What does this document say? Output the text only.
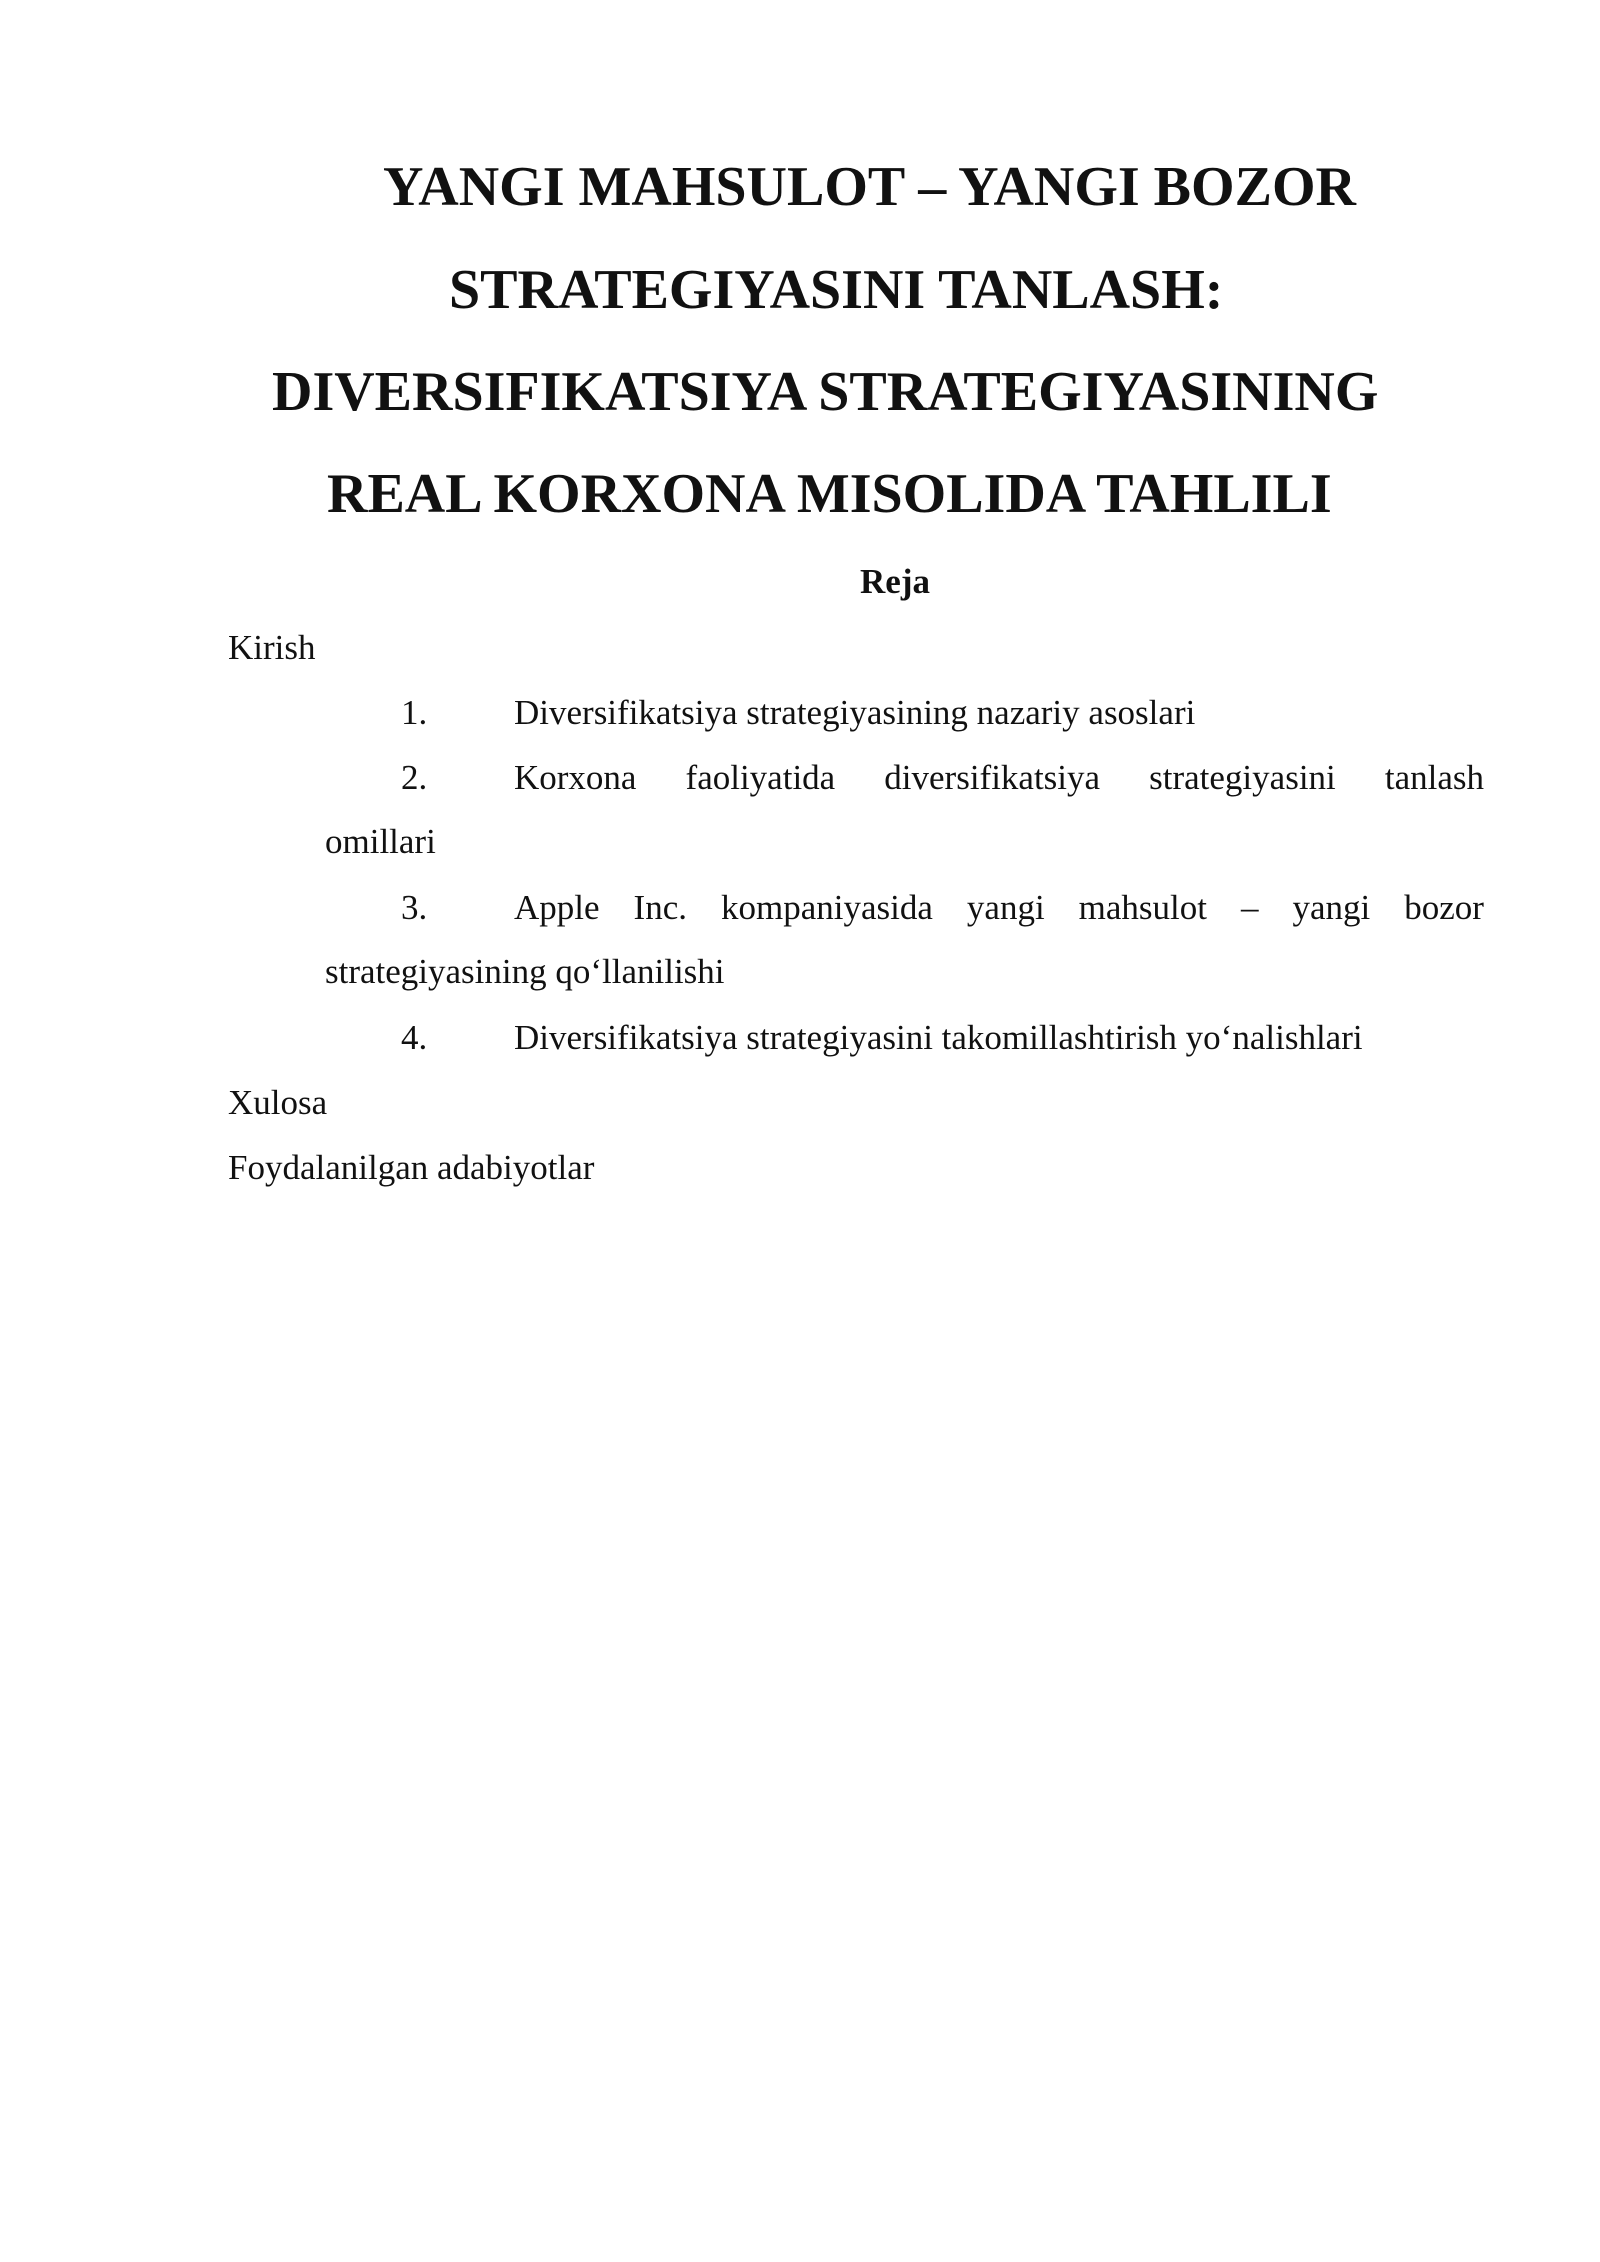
YANGI MAHSULOT – YANGI BOZOR
STRATEGIYASINI TANLASH:
DIVERSIFIKATSIYA STRATEGIYASINING
REAL KORXONA MISOLIDA TAHLILI
Reja
Kirish
1. Diversifikatsiya strategiyasining nazariy asoslari
2. Korxona faoliyatida diversifikatsiya strategiyasini tanlash
omillari
3. Apple Inc. kompaniyasida yangi mahsulot – yangi bozor
strategiyasining qo‘llanilishi
4. Diversifikatsiya strategiyasini takomillashtirish yo‘nalishlari
Xulosa
Foydalanilgan adabiyotlar
